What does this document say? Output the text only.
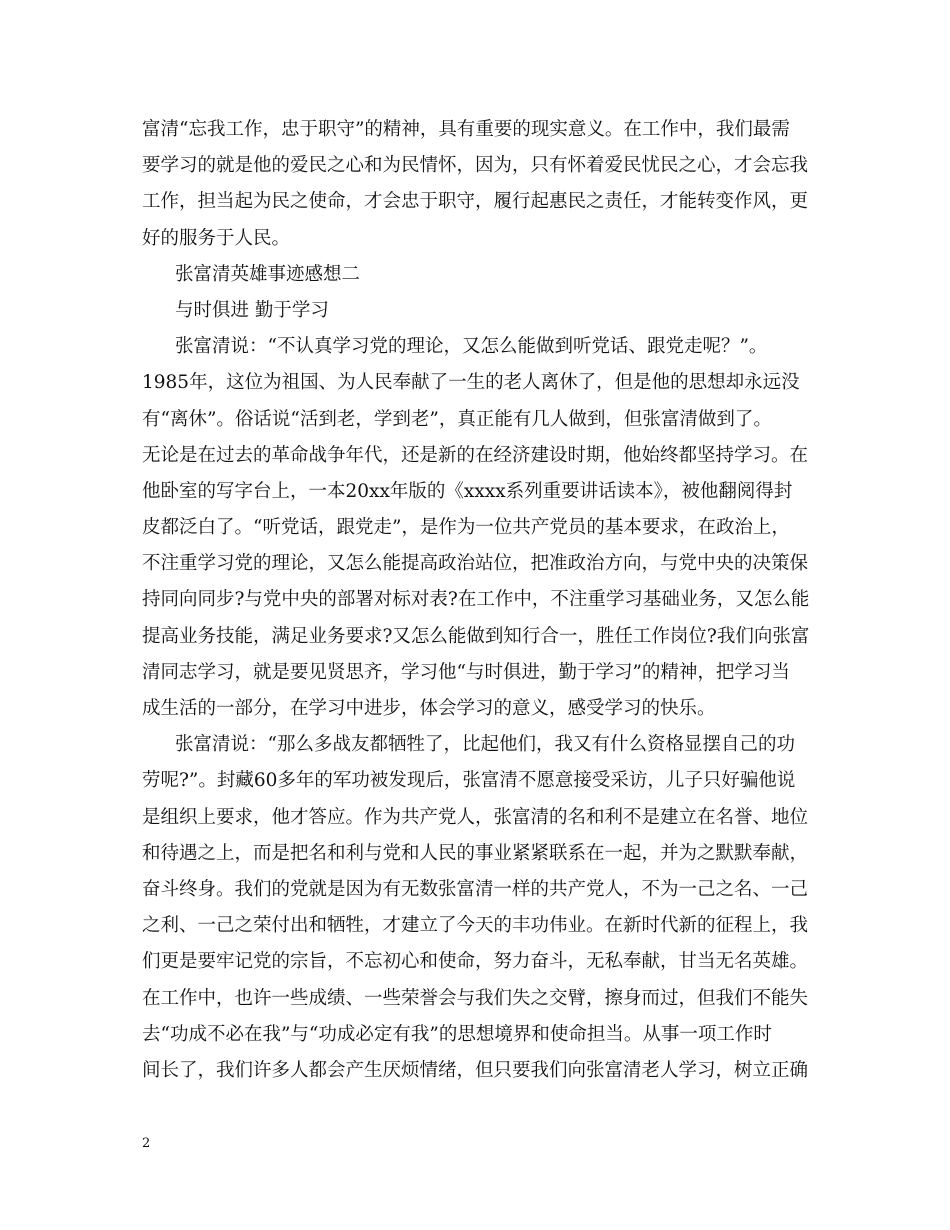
富清“忘我工作，忠于职守”的精神，具有重要的现实意义。在工作中，我们最需
要学习的就是他的爱民之心和为民情怀，因为，只有怀着爱民忧民之心，才会忘我
工作，担当起为民之使命，才会忠于职守，履行起惠民之责任，才能转变作风，更
好的服务于人民。
张富清英雄事迹感想二
与时俱进 勤于学习
张富清说：“不认真学习党的理论，又怎么能做到听党话、跟党走呢？”。
1985年，这位为祖国、为人民奉献了一生的老人离休了，但是他的思想却永远没
有“离休”。俗话说“活到老，学到老”，真正能有几人做到，但张富清做到了。
无论是在过去的革命战争年代，还是新的在经济建设时期，他始终都坚持学习。在
他卧室的写字台上，一本20xx年版的《xxxx系列重要讲话读本》，被他翻阅得封
皮都泛白了。“听党话，跟党走”，是作为一位共产党员的基本要求，在政治上，
不注重学习党的理论，又怎么能提高政治站位，把准政治方向，与党中央的决策保
持同向同步?与党中央的部署对标对表?在工作中，不注重学习基础业务，又怎么能
提高业务技能，满足业务要求?又怎么能做到知行合一，胜任工作岗位?我们向张富
清同志学习，就是要见贤思齐，学习他“与时俱进，勤于学习”的精神，把学习当
成生活的一部分，在学习中进步，体会学习的意义，感受学习的快乐。
张富清说：“那么多战友都牺牲了，比起他们，我又有什么资格显摆自己的功
劳呢?”。封藏60多年的军功被发现后，张富清不愿意接受采访，儿子只好骗他说
是组织上要求，他才答应。作为共产党人，张富清的名和利不是建立在名誉、地位
和待遇之上，而是把名和利与党和人民的事业紧紧联系在一起，并为之默默奉献，
奋斗终身。我们的党就是因为有无数张富清一样的共产党人，不为一己之名、一己
之利、一己之荣付出和牺牲，才建立了今天的丰功伟业。在新时代新的征程上，我
们更是要牢记党的宗旨，不忘初心和使命，努力奋斗，无私奉献，甘当无名英雄。
在工作中，也许一些成绩、一些荣誉会与我们失之交臂，擦身而过，但我们不能失
去“功成不必在我”与“功成必定有我”的思想境界和使命担当。从事一项工作时
间长了，我们许多人都会产生厌烦情绪，但只要我们向张富清老人学习，树立正确
2
